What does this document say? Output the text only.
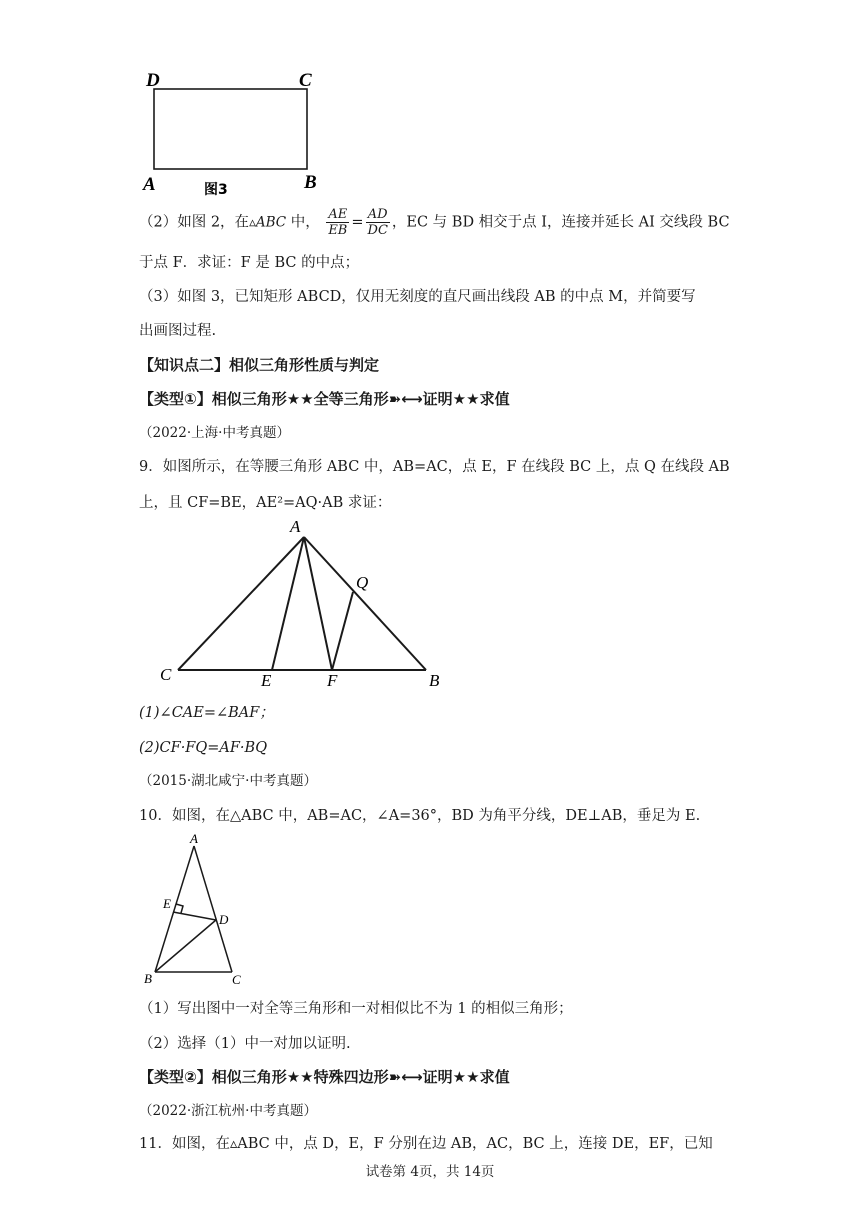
D	C
A	B
图3
（2）如图 2，在▵ABC 中， $\frac{AE}{EB} = \frac{AD}{DC}$ ，EC 与 BD 相交于点 I，连接并延长 AI 交线段 BC
于点 F．求证：F 是 BC 的中点；
（3）如图 3，已知矩形 ABCD，仅用无刻度的直尺画出线段 AB 的中点 M，并简要写
出画图过程.
【知识点二】相似三角形性质与判定
【类型①】相似三角形★★全等三角形➽⟷证明★★求值
（2022·上海·中考真题）
9．如图所示，在等腰三角形 ABC 中，AB=AC，点 E，F 在线段 BC 上，点 Q 在线段 AB
上，且 CF=BE，AE²=AQ·AB 求证：
A
Q
C	E	F	B
(1)∠CAE=∠BAF；
(2)CF·FQ=AF·BQ
（2015·湖北咸宁·中考真题）
10．如图，在△ABC 中，AB=AC，∠A=36°，BD 为角平分线，DE⊥AB，垂足为 E.
A
E
D
B	C
（1）写出图中一对全等三角形和一对相似比不为 1 的相似三角形；
（2）选择（1）中一对加以证明.
【类型②】相似三角形★★特殊四边形➽⟷证明★★求值
（2022·浙江杭州·中考真题）
11．如图，在▵ABC 中，点 D，E，F 分别在边 AB，AC，BC 上，连接 DE，EF，已知
试卷第 4页，共 14页
